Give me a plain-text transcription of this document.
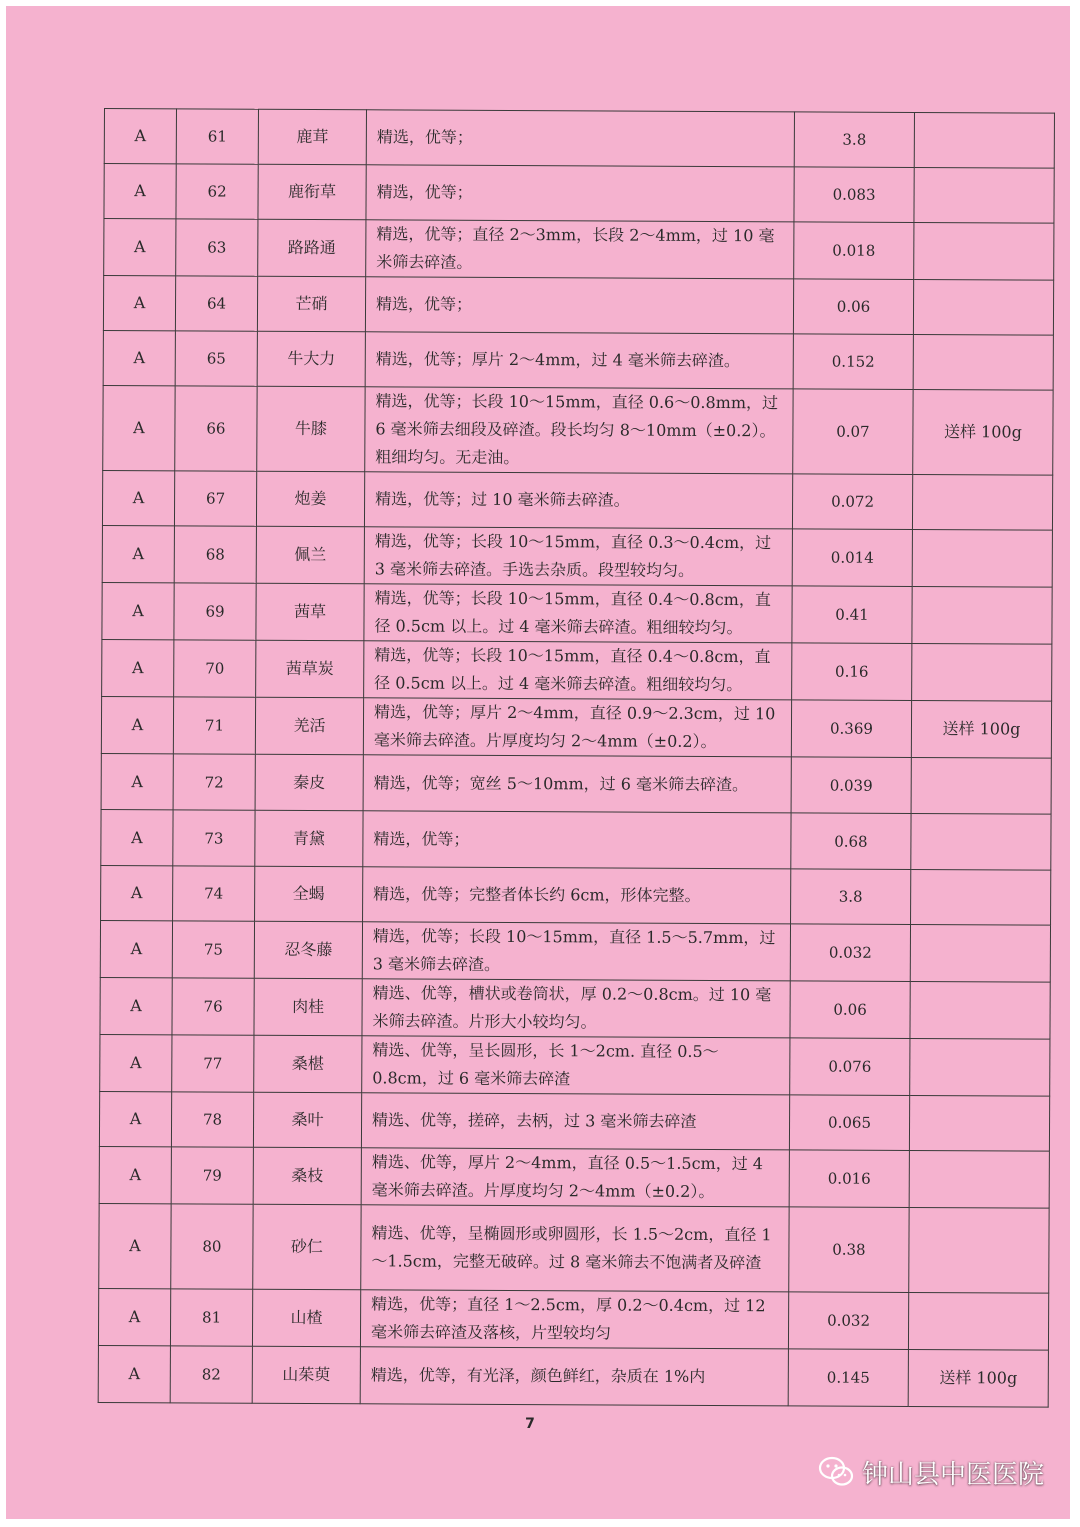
A	61	鹿茸	精选，优等；	3.8	
A	62	鹿衔草	精选，优等；	0.083	
A	63	路路通	精选，优等；直径 2～3mm，长段 2～4mm，过 10 毫米筛去碎渣。	0.018	
A	64	芒硝	精选，优等；	0.06	
A	65	牛大力	精选，优等；厚片 2～4mm，过 4 毫米筛去碎渣。	0.152	
A	66	牛膝	精选，优等；长段 10～15mm，直径 0.6～0.8mm，过 6 毫米筛去细段及碎渣。段长均匀 8～10mm（±0.2）。粗细均匀。无走油。	0.07	送样 100g
A	67	炮姜	精选，优等；过 10 毫米筛去碎渣。	0.072	
A	68	佩兰	精选，优等；长段 10～15mm，直径 0.3～0.4cm，过 3 毫米筛去碎渣。手选去杂质。段型较均匀。	0.014	
A	69	茜草	精选，优等；长段 10～15mm，直径 0.4～0.8cm，直径 0.5cm 以上。过 4 毫米筛去碎渣。粗细较均匀。	0.41	
A	70	茜草炭	精选，优等；长段 10～15mm，直径 0.4～0.8cm，直径 0.5cm 以上。过 4 毫米筛去碎渣。粗细较均匀。	0.16	
A	71	羌活	精选，优等；厚片 2～4mm，直径 0.9～2.3cm，过 10 毫米筛去碎渣。片厚度均匀 2～4mm（±0.2）。	0.369	送样 100g
A	72	秦皮	精选，优等；宽丝 5～10mm，过 6 毫米筛去碎渣。	0.039	
A	73	青黛	精选，优等；	0.68	
A	74	全蝎	精选，优等；完整者体长约 6cm，形体完整。	3.8	
A	75	忍冬藤	精选，优等；长段 10～15mm，直径 1.5～5.7mm，过 3 毫米筛去碎渣。	0.032	
A	76	肉桂	精选、优等，槽状或卷筒状，厚 0.2～0.8cm。过 10 毫米筛去碎渣。片形大小较均匀。	0.06	
A	77	桑椹	精选、优等，呈长圆形，长 1～2cm. 直径 0.5～0.8cm，过 6 毫米筛去碎渣	0.076	
A	78	桑叶	精选、优等，搓碎，去柄，过 3 毫米筛去碎渣	0.065	
A	79	桑枝	精选、优等，厚片 2～4mm，直径 0.5～1.5cm，过 4 毫米筛去碎渣。片厚度均匀 2～4mm（±0.2）。	0.016	
A	80	砂仁	精选、优等，呈椭圆形或卵圆形，长 1.5～2cm，直径 1～1.5cm，完整无破碎。过 8 毫米筛去不饱满者及碎渣	0.38	
A	81	山楂	精选，优等；直径 1～2.5cm，厚 0.2～0.4cm，过 12 毫米筛去碎渣及落核，片型较均匀	0.032	
A	82	山茱萸	精选，优等，有光泽，颜色鲜红，杂质在 1%内	0.145	送样 100g
7
钟山县中医医院
